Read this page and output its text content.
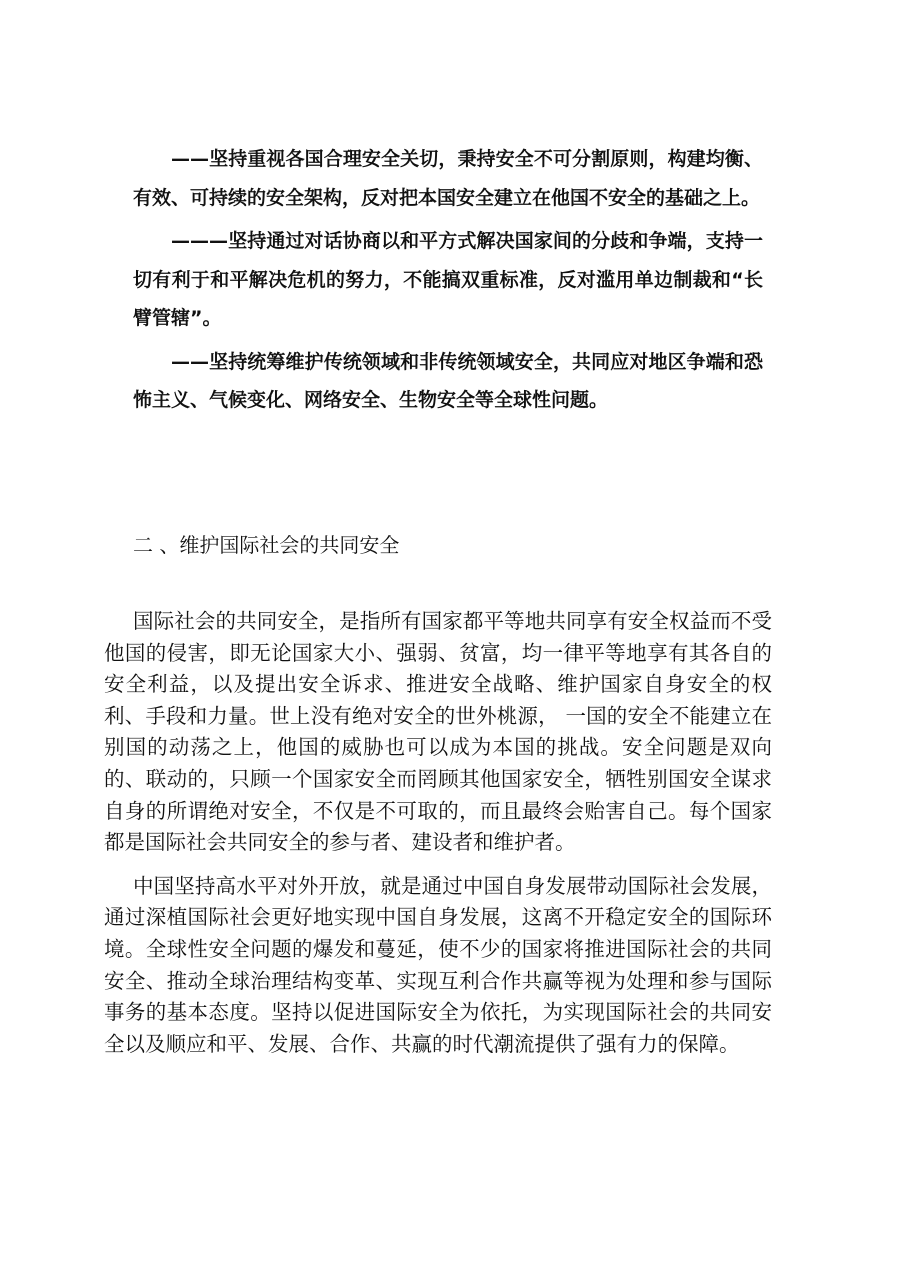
——坚持重视各国合理安全关切，秉持安全不可分割原则，构建均衡、有效、可持续的安全架构，反对把本国安全建立在他国不安全的基础之上。

———坚持通过对话协商以和平方式解决国家间的分歧和争端，支持一切有利于和平解决危机的努力，不能搞双重标准，反对滥用单边制裁和“长臂管辖”。

——坚持统筹维护传统领域和非传统领域安全，共同应对地区争端和恐怖主义、气候变化、网络安全、生物安全等全球性问题。

二 、维护国际社会的共同安全

国际社会的共同安全，是指所有国家都平等地共同享有安全权益而不受他国的侵害，即无论国家大小、强弱、贫富，均一律平等地享有其各自的安全利益，以及提出安全诉求、推进安全战略、维护国家自身安全的权利、手段和力量。世上没有绝对安全的世外桃源， 一国的安全不能建立在 别国的动荡之上，他国的威胁也可以成为本国的挑战。安全问题是双向 的、联动的，只顾一个国家安全而罔顾其他国家安全，牺牲别国安全谋求 自身的所谓绝对安全，不仅是不可取的，而且最终会贻害自己。每个国家 都是国际社会共同安全的参与者、建设者和维护者。

中国坚持高水平对外开放，就是通过中国自身发展带动国际社会发展，通过深植国际社会更好地实现中国自身发展，这离不开稳定安全的国际环境。全球性安全问题的爆发和蔓延，使不少的国家将推进国际社会的共同安全、推动全球治理结构变革、实现互利合作共赢等视为处理和参与国际事务的基本态度。坚持以促进国际安全为依托，为实现国际社会的共同安全以及顺应和平、发展、合作、共赢的时代潮流提供了强有力的保障。
